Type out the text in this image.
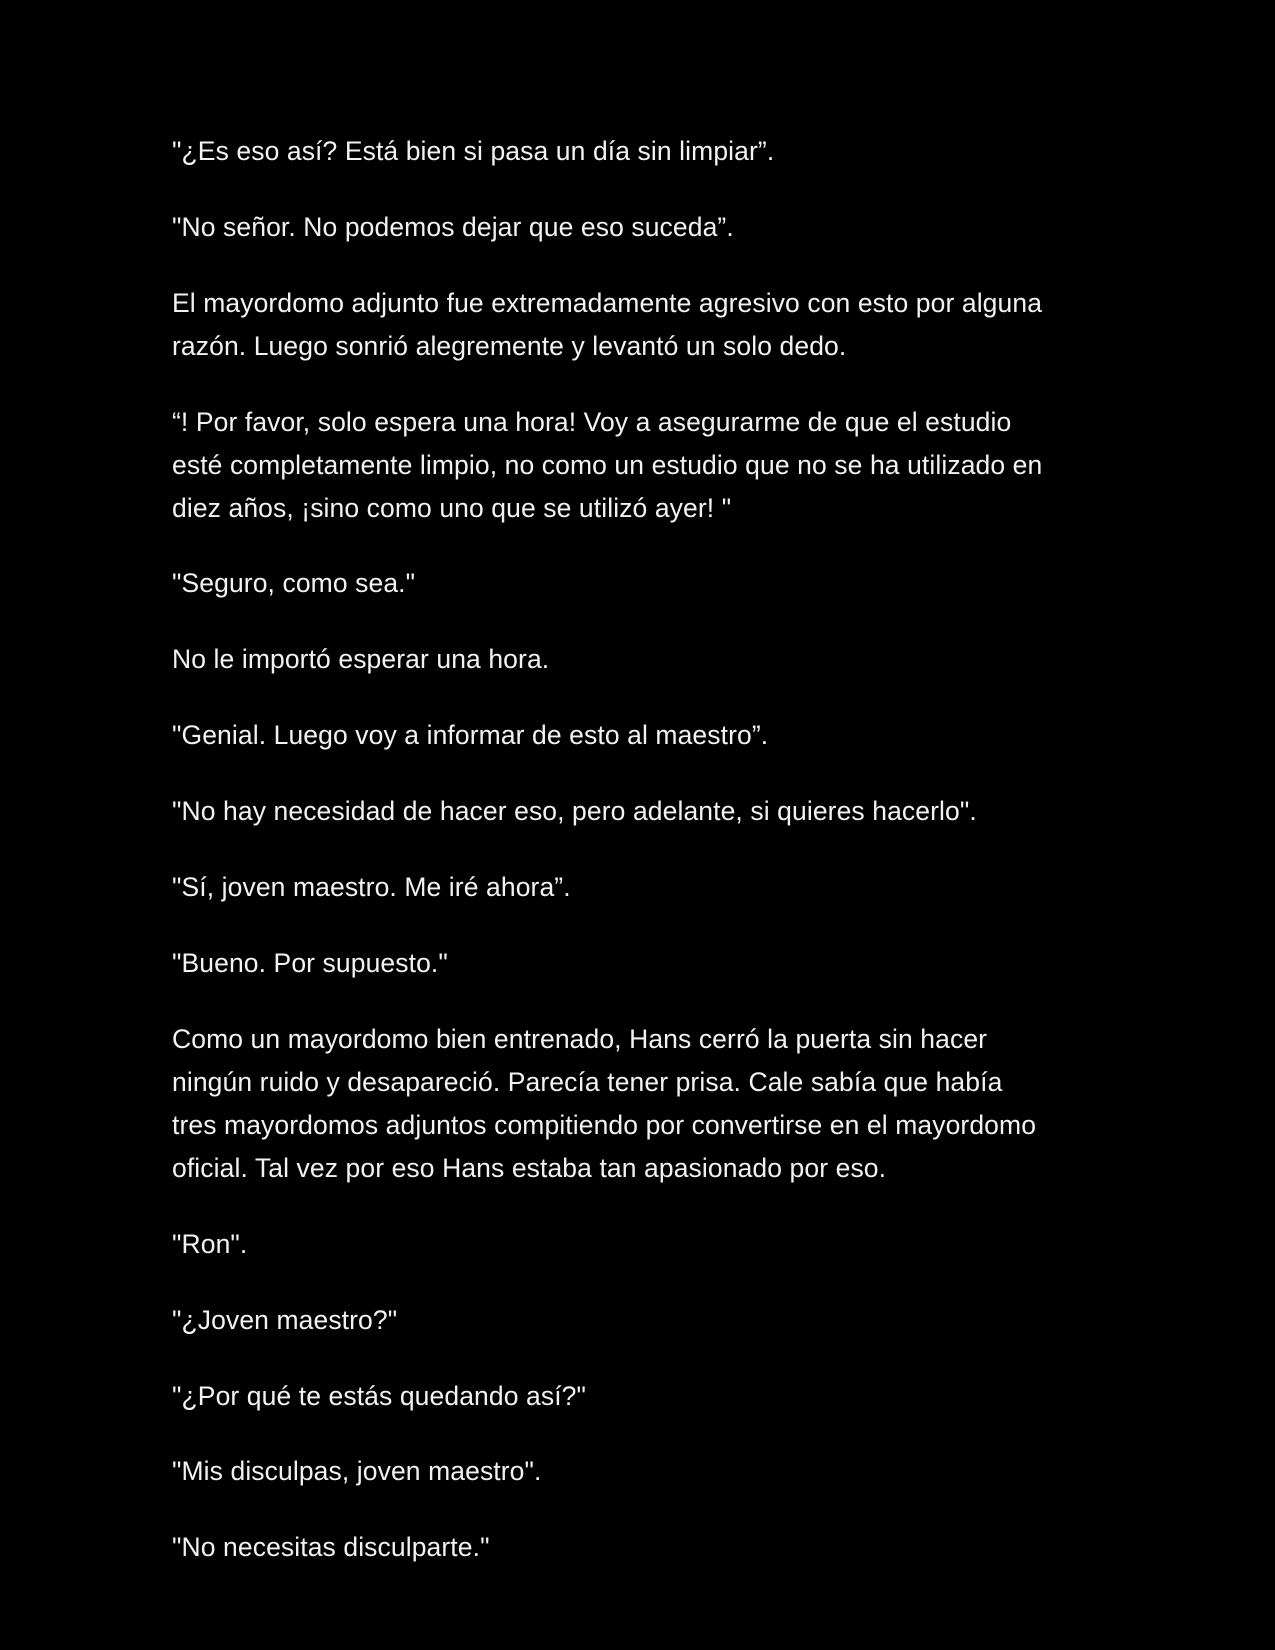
"¿Es eso así? Está bien si pasa un día sin limpiar”.

"No señor. No podemos dejar que eso suceda”.

El mayordomo adjunto fue extremadamente agresivo con esto por alguna razón. Luego sonrió alegremente y levantó un solo dedo.

“! Por favor, solo espera una hora! Voy a asegurarme de que el estudio esté completamente limpio, no como un estudio que no se ha utilizado en diez años, ¡sino como uno que se utilizó ayer! "

"Seguro, como sea."

No le importó esperar una hora.

"Genial. Luego voy a informar de esto al maestro”.

"No hay necesidad de hacer eso, pero adelante, si quieres hacerlo".

"Sí, joven maestro. Me iré ahora”.

"Bueno. Por supuesto."

Como un mayordomo bien entrenado, Hans cerró la puerta sin hacer ningún ruido y desapareció. Parecía tener prisa. Cale sabía que había tres mayordomos adjuntos compitiendo por convertirse en el mayordomo oficial. Tal vez por eso Hans estaba tan apasionado por eso.

"Ron".

"¿Joven maestro?"

"¿Por qué te estás quedando así?"

"Mis disculpas, joven maestro".

"No necesitas disculparte."
